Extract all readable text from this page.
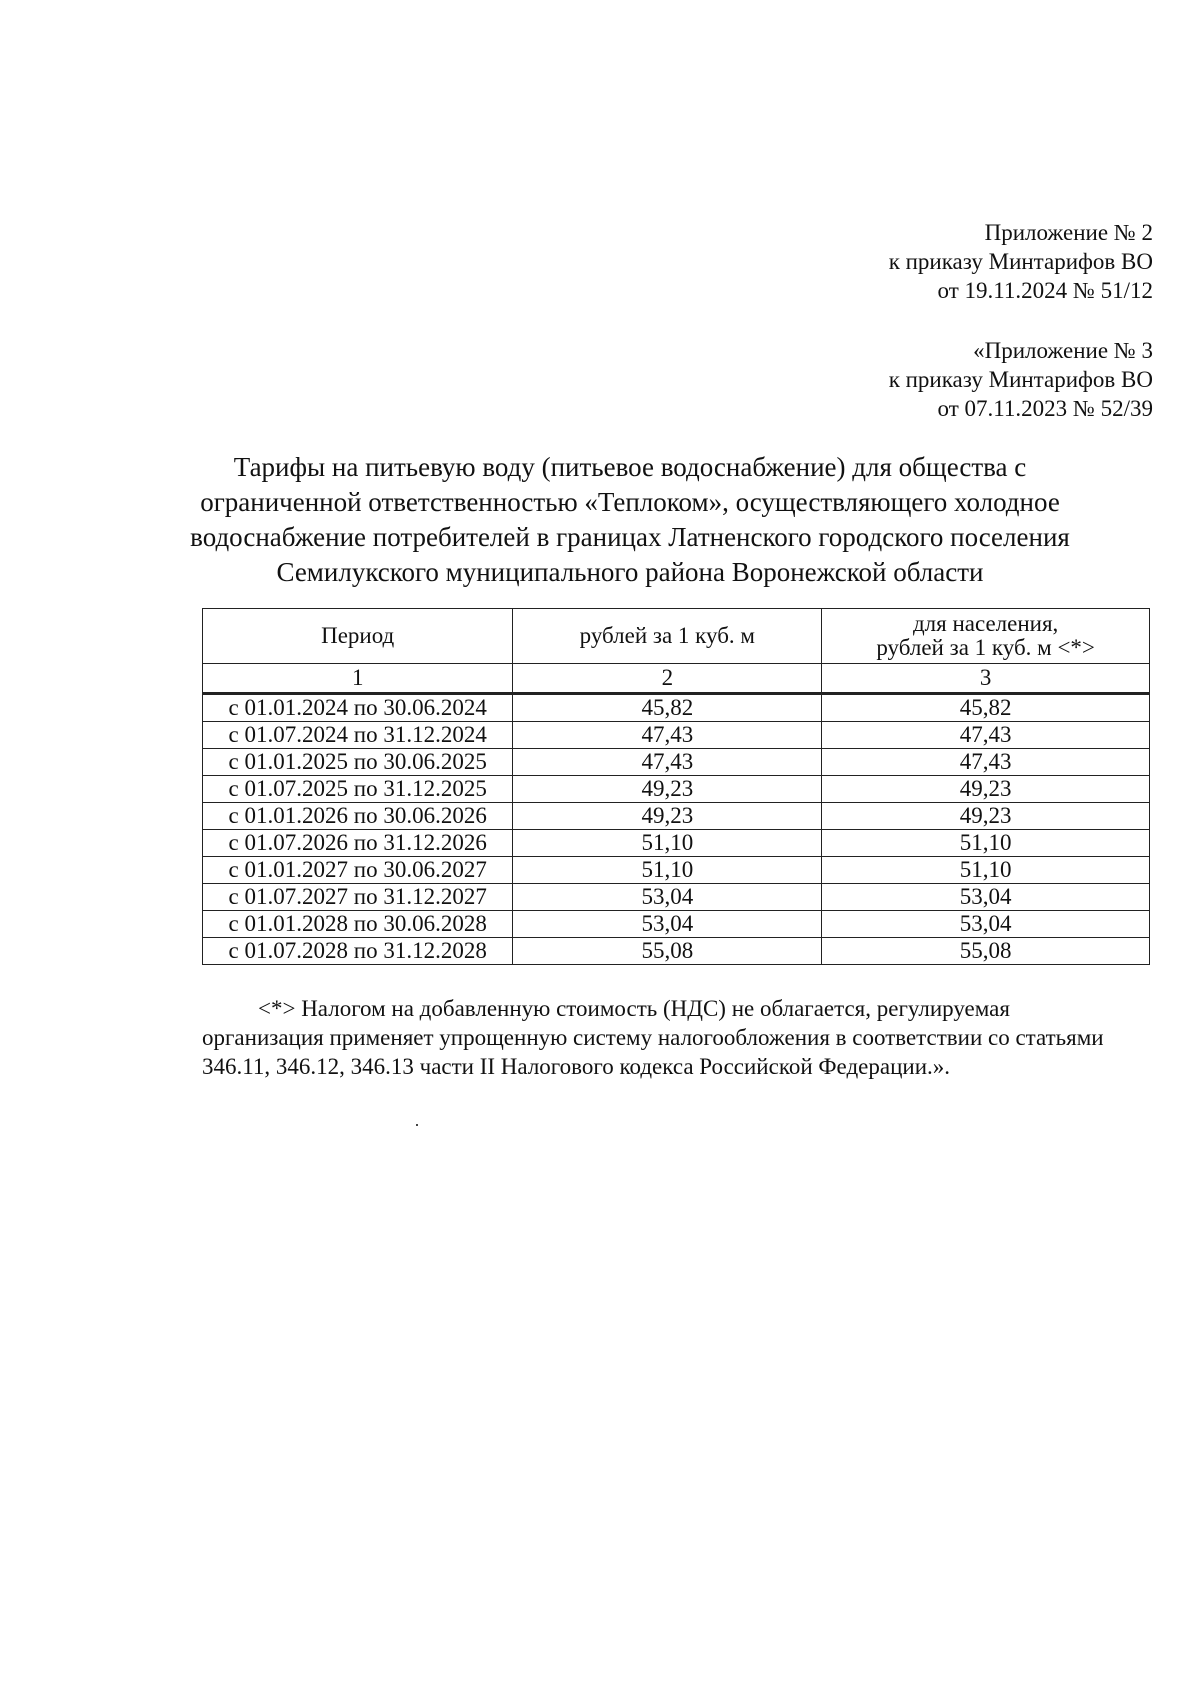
Приложение № 2
к приказу Минтарифов ВО
от 19.11.2024 № 51/12
«Приложение № 3
к приказу Минтарифов ВО
от 07.11.2023 № 52/39
Тарифы на питьевую воду (питьевое водоснабжение) для общества с
ограниченной ответственностью «Теплоком», осуществляющего холодное
водоснабжение потребителей в границах Латненского городского поселения
Семилукского муниципального района Воронежской области
Период	рублей за 1 куб. м	для населения,
рублей за 1 куб. м <*>

1	2	3
с 01.01.2024 по 30.06.2024	45,82	45,82
с 01.07.2024 по 31.12.2024	47,43	47,43
с 01.01.2025 по 30.06.2025	47,43	47,43
с 01.07.2025 по 31.12.2025	49,23	49,23
с 01.01.2026 по 30.06.2026	49,23	49,23
с 01.07.2026 по 31.12.2026	51,10	51,10
с 01.01.2027 по 30.06.2027	51,10	51,10
с 01.07.2027 по 31.12.2027	53,04	53,04
с 01.01.2028 по 30.06.2028	53,04	53,04
с 01.07.2028 по 31.12.2028	55,08	55,08
<*> Налогом на добавленную стоимость (НДС) не облагается, регулируемая
организация применяет упрощенную систему налогообложения в соответствии со статьями
346.11, 346.12, 346.13 части II Налогового кодекса Российской Федерации.».
